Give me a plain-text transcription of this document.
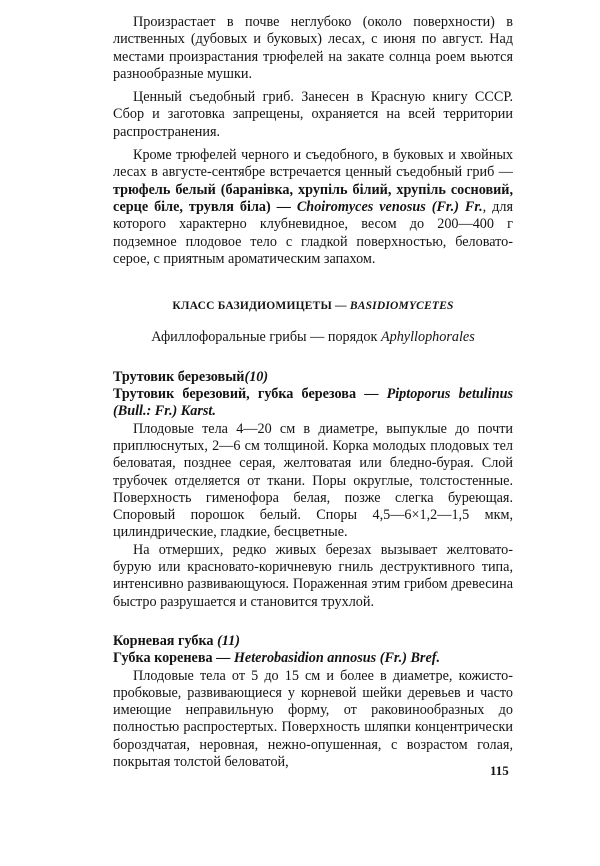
Произрастает в почве неглубоко (около поверхности) в лиственных (дубовых и буковых) лесах, с июня по август. Над местами произрастания трюфелей на закате солнца роем вьются разнообразные мушки.

Ценный съедобный гриб. Занесен в Красную книгу СССР. Сбор и заготовка запрещены, охраняется на всей территории распространения.

Кроме трюфелей черного и съедобного, в буковых и хвойных лесах в августе-сентябре встречается ценный съедобный гриб — трюфель белый (баранiвка, хрупiль бiлий, хрупiль сосновий, серце бiле, трувля бiла) — Choiromyces venosus (Fr.) Fr., для которого характерно клубневидное, весом до 200—400 г подземное плодовое тело с гладкой поверхностью, беловато-серое, с приятным ароматическим запахом.

КЛАСС БАЗИДИОМИЦЕТЫ — BASIDIOMYCETES
Афиллофоральные грибы — порядок Aphyllophorales

Трутовик березовый(10)

Трутовик березовий, губка березова — Piptoporus betulinus (Bull.: Fr.) Karst.

Плодовые тела 4—20 см в диаметре, выпуклые до почти приплюснутых, 2—6 см толщиной. Корка молодых плодовых тел беловатая, позднее серая, желтоватая или бледно-бурая. Слой трубочек отделяется от ткани. Поры округлые, толстостенные. Поверхность гименофора белая, позже слегка буреющая. Споровый порошок белый. Споры 4,5—6×1,2—1,5 мкм, цилиндрические, гладкие, бесцветные.

На отмерших, редко живых березах вызывает желтовато-бурую или красновато-коричневую гниль деструктивного типа, интенсивно развивающуюся. Пораженная этим грибом древесина быстро разрушается и становится трухлой.

Корневая губка (11)

Губка коренева — Heterobasidion annosus (Fr.) Bref.

Плодовые тела от 5 до 15 см и более в диаметре, кожисто-пробковые, развивающиеся у корневой шейки деревьев и часто имеющие неправильную форму, от раковинообразных до полностью распростертых. Поверхность шляпки концентрически бороздчатая, неровная, нежно-опушенная, с возрастом голая, покрытая толстой беловатой,

115
